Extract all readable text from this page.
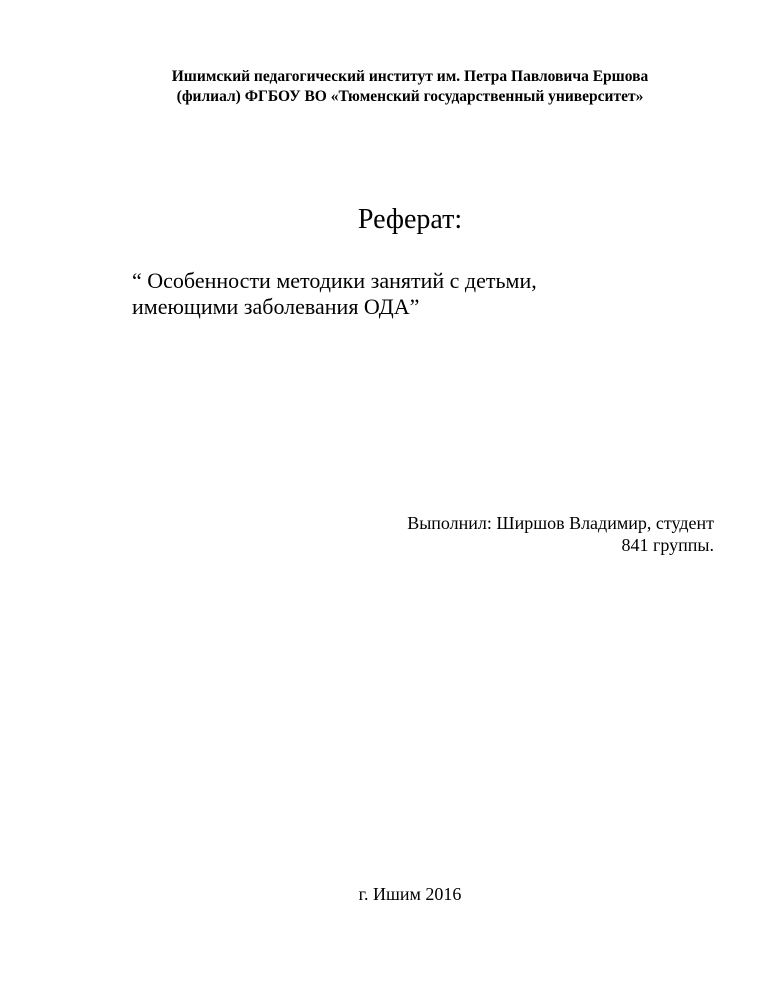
Ишимский педагогический институт им. Петра Павловича Ершова
(филиал) ФГБОУ ВО «Тюменский государственный университет»
Реферат:
“ Особенности методики занятий с детьми,
имеющими заболевания ОДА”
Выполнил: Ширшов Владимир, студент
841 группы.
г. Ишим 2016
